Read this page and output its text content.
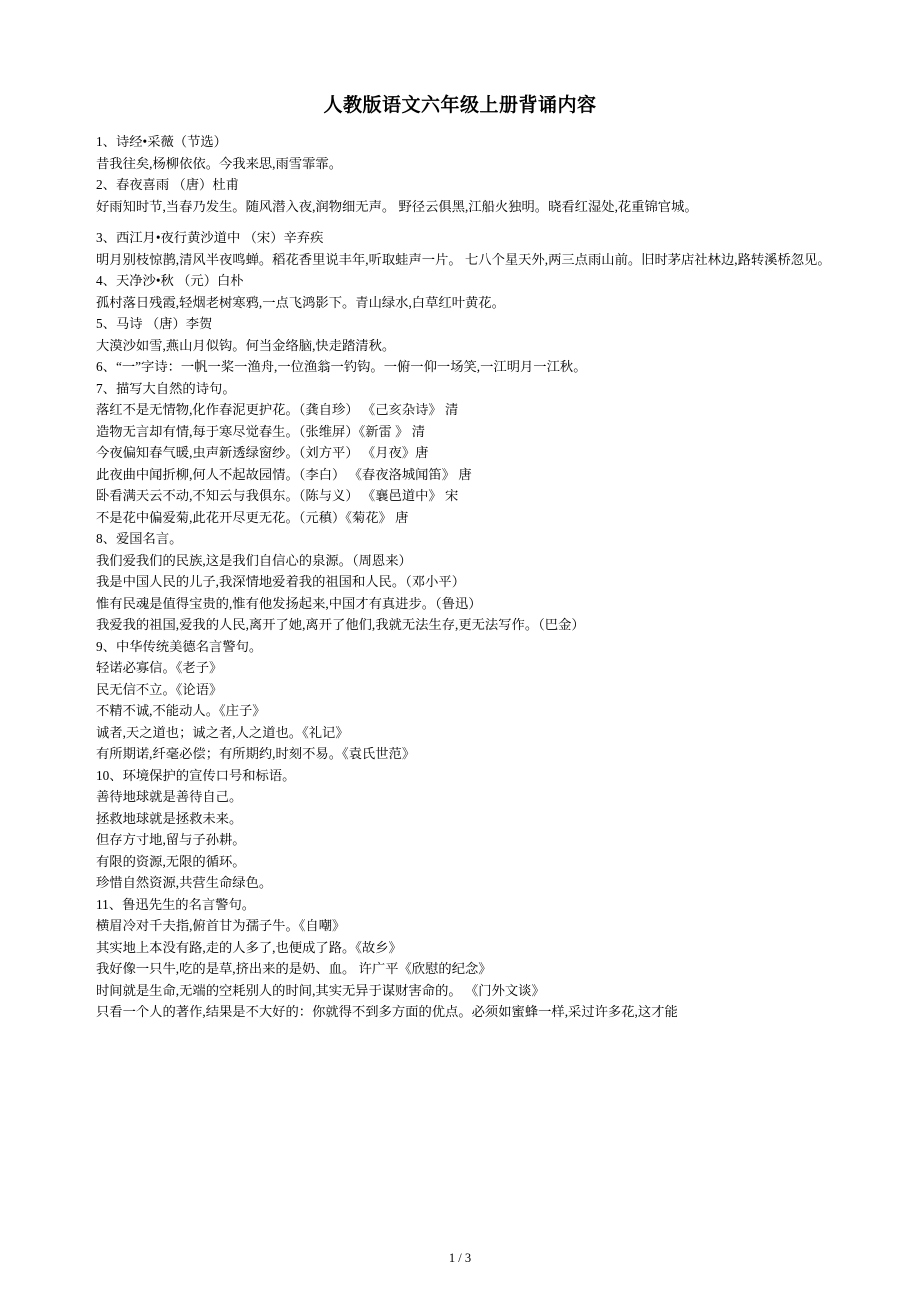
人教版语文六年级上册背诵内容
1、诗经•采薇（节选）
昔我往矣,杨柳依依。今我来思,雨雪霏霏。
2、春夜喜雨 （唐）杜甫
好雨知时节,当春乃发生。随风潜入夜,润物细无声。 野径云俱黑,江船火独明。晓看红湿处,花重锦官城。
3、西江月•夜行黄沙道中 （宋）辛弃疾
明月别枝惊鹊,清风半夜鸣蝉。稻花香里说丰年,听取蛙声一片。 七八个星天外,两三点雨山前。旧时茅店社林边,路转溪桥忽见。
4、天净沙•秋 （元）白朴
孤村落日残霞,轻烟老树寒鸦,一点飞鸿影下。青山绿水,白草红叶黄花。
5、马诗 （唐）李贺
大漠沙如雪,燕山月似钩。何当金络脑,快走踏清秋。
6、“一”字诗：一帆一桨一渔舟,一位渔翁一钓钩。一俯一仰一场笑,一江明月一江秋。
7、描写大自然的诗句。
落红不是无情物,化作春泥更护花。（龚自珍） 《己亥杂诗》 清
造物无言却有情,每于寒尽觉春生。（张维屏）《新雷 》 清
今夜偏知春气暖,虫声新透绿窗纱。（刘方平） 《月夜》唐
此夜曲中闻折柳,何人不起故园情。（李白） 《春夜洛城闻笛》 唐
卧看满天云不动,不知云与我俱东。（陈与义） 《襄邑道中》 宋
不是花中偏爱菊,此花开尽更无花。（元稹）《菊花》 唐
8、爱国名言。
我们爱我们的民族,这是我们自信心的泉源。（周恩来）
我是中国人民的儿子,我深情地爱着我的祖国和人民。（邓小平）
惟有民魂是值得宝贵的,惟有他发扬起来,中国才有真进步。（鲁迅）
我爱我的祖国,爱我的人民,离开了她,离开了他们,我就无法生存,更无法写作。（巴金）
9、中华传统美德名言警句。
轻诺必寡信。《老子》
民无信不立。《论语》
不精不诚,不能动人。《庄子》
诚者,天之道也；诚之者,人之道也。《礼记》
有所期诺,纤毫必偿；有所期约,时刻不易。《袁氏世范》
10、环境保护的宣传口号和标语。
善待地球就是善待自己。
拯救地球就是拯救未来。
但存方寸地,留与子孙耕。
有限的资源,无限的循环。
珍惜自然资源,共营生命绿色。
11、鲁迅先生的名言警句。
横眉冷对千夫指,俯首甘为孺子牛。《自嘲》
其实地上本没有路,走的人多了,也便成了路。《故乡》
我好像一只牛,吃的是草,挤出来的是奶、血。 许广平《欣慰的纪念》
时间就是生命,无端的空耗别人的时间,其实无异于谋财害命的。 《门外文谈》
只看一个人的著作,结果是不大好的：你就得不到多方面的优点。必须如蜜蜂一样,采过许多花,这才能
1 / 3
